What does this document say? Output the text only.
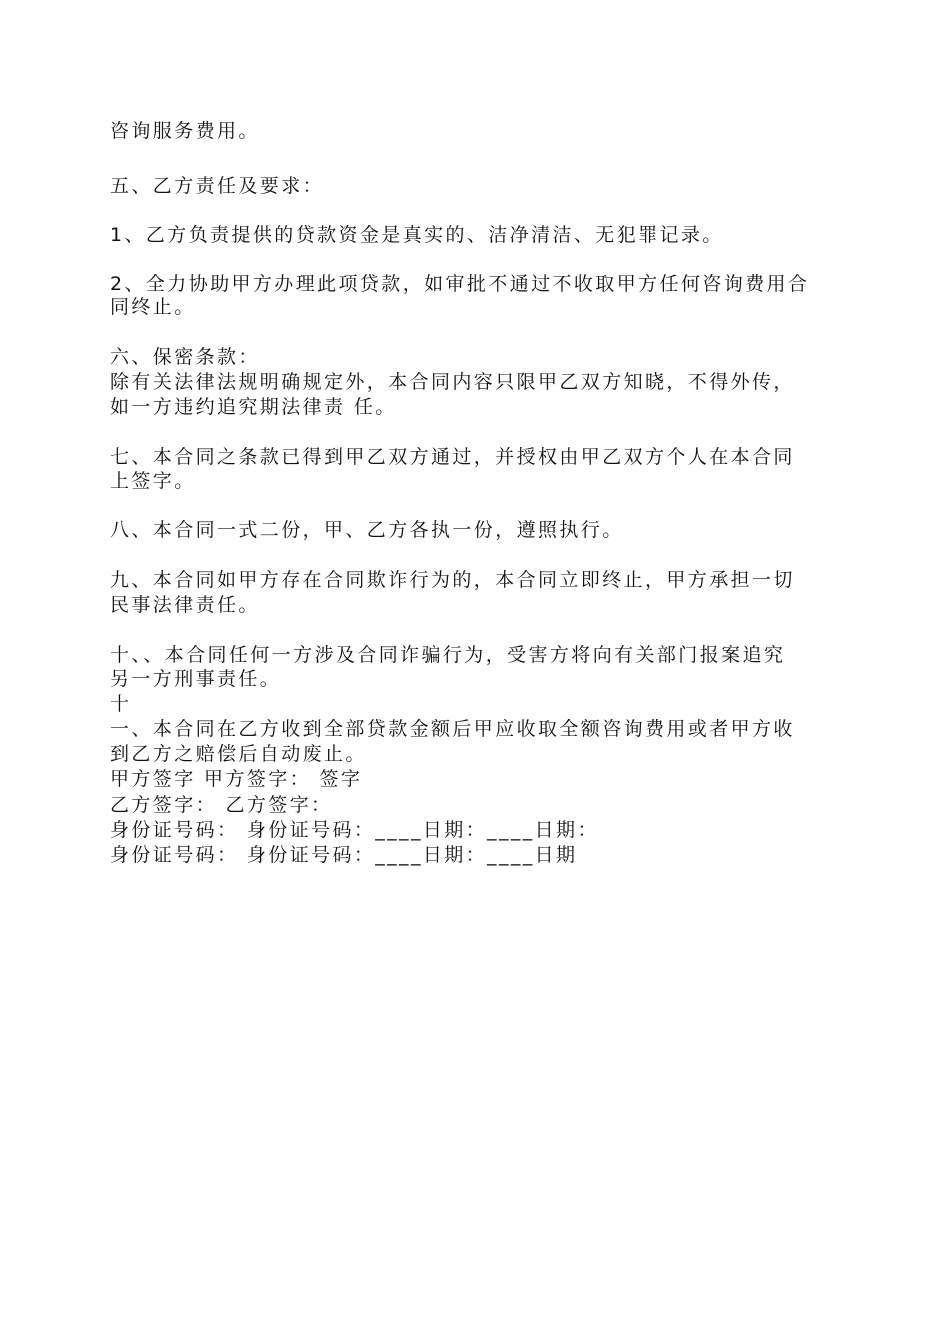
咨询服务费用。
五、乙方责任及要求：
1、乙方负责提供的贷款资金是真实的、洁净清洁、无犯罪记录。
2、全力协助甲方办理此项贷款，如审批不通过不收取甲方任何咨询费用合
同终止。
六、保密条款：
除有关法律法规明确规定外，本合同内容只限甲乙双方知晓，不得外传，
如一方违约追究期法律责 任。
七、本合同之条款已得到甲乙双方通过，并授权由甲乙双方个人在本合同
上签字。
八、本合同一式二份，甲、乙方各执一份，遵照执行。
九、本合同如甲方存在合同欺诈行为的，本合同立即终止，甲方承担一切
民事法律责任。
十、、本合同任何一方涉及合同诈骗行为，受害方将向有关部门报案追究
另一方刑事责任。
十
一、本合同在乙方收到全部贷款金额后甲应收取全额咨询费用或者甲方收
到乙方之赔偿后自动废止。
甲方签字 甲方签字： 签字
乙方签字： 乙方签字：
身份证号码： 身份证号码：____日期：____日期：
身份证号码： 身份证号码：____日期：____日期
